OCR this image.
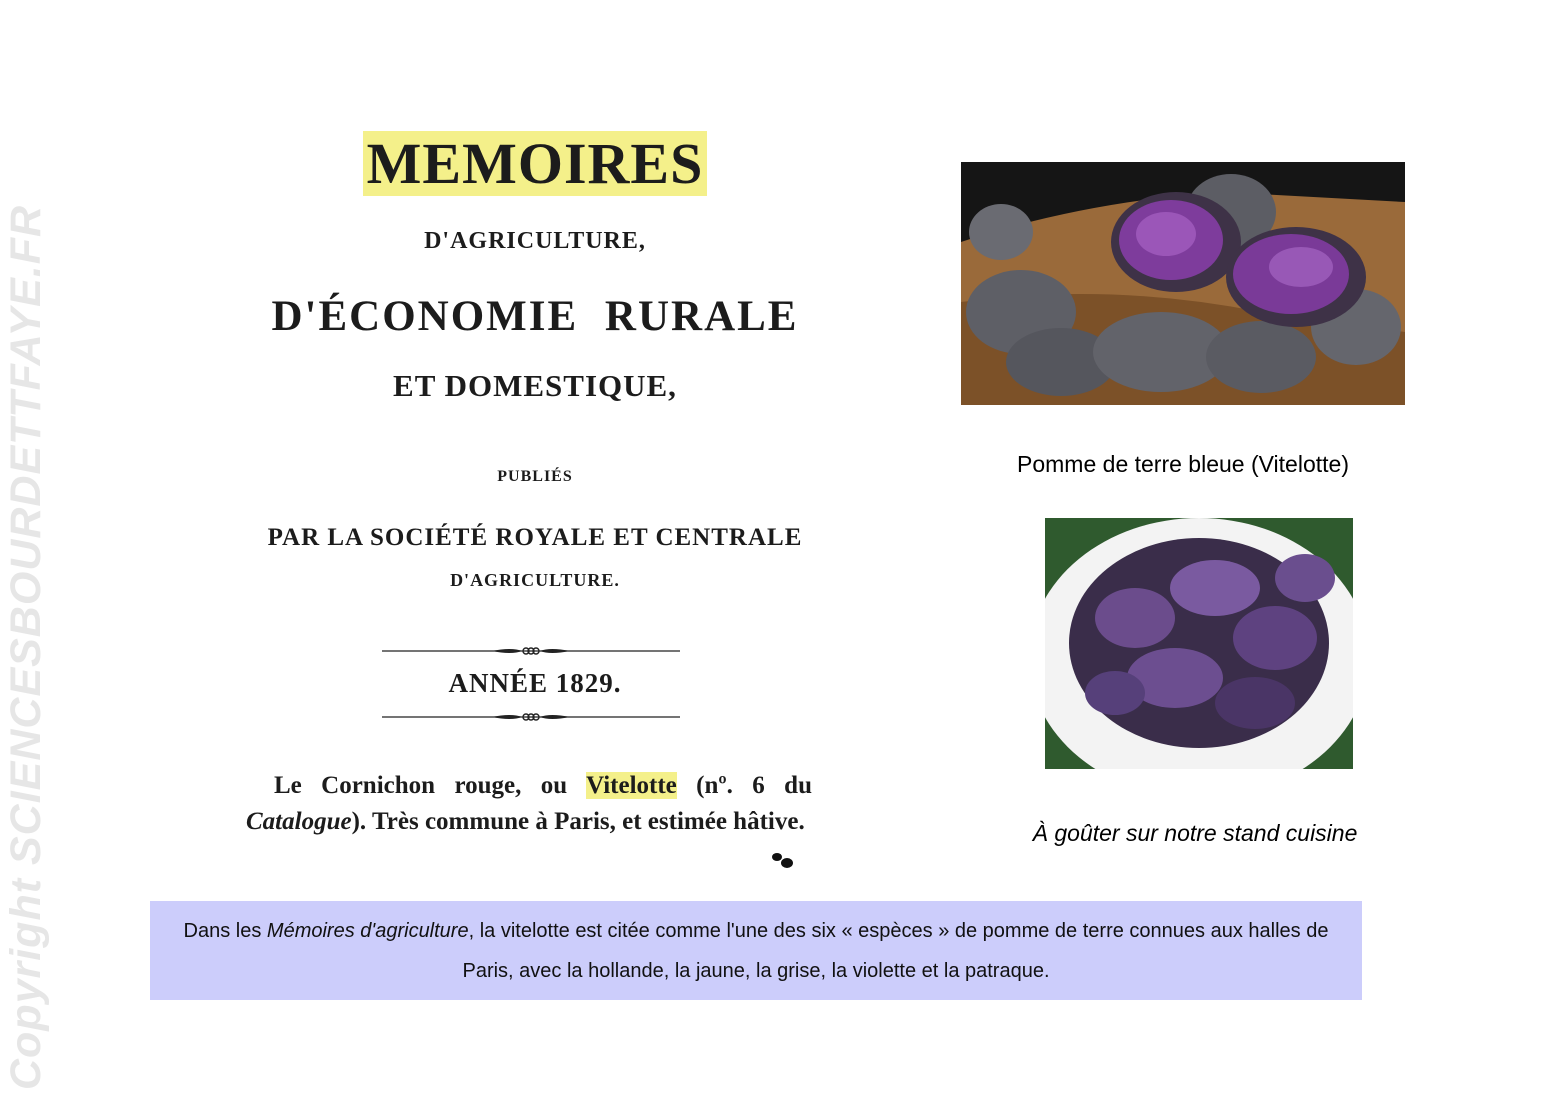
Copyright SCIENCESBOURDETTFAYE.FR
MEMOIRES
D'AGRICULTURE,
D'ÉCONOMIE RURALE
ET DOMESTIQUE,
PUBLIÉS
PAR LA SOCIÉTÉ ROYALE ET CENTRALE
D'AGRICULTURE.
ANNÉE 1829.
Le Cornichon rouge, ou Vitelotte (nº. 6 du Catalogue). Très commune à Paris, et estimée hâtive.
Pomme de terre bleue (Vitelotte)
À goûter sur notre stand cuisine
Dans les Mémoires d'agriculture, la vitelotte est citée comme l'une des six « espèces » de pomme de terre connues aux halles de Paris, avec la hollande, la jaune, la grise, la violette et la patraque.
